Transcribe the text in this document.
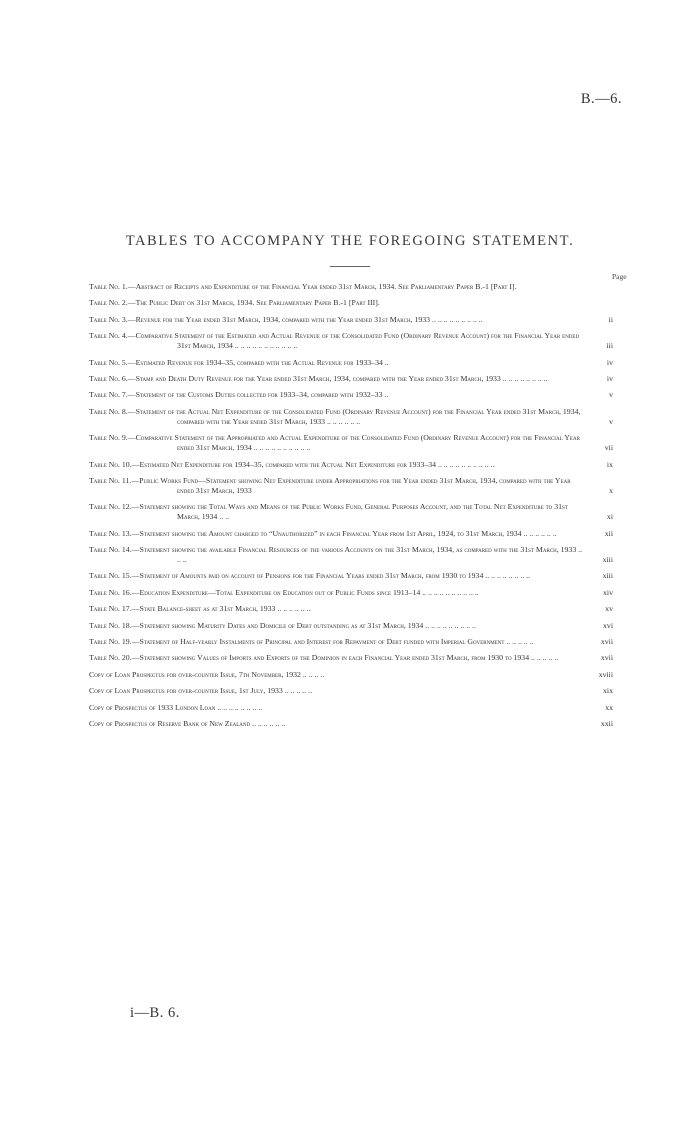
B.—6.
TABLES TO ACCOMPANY THE FOREGOING STATEMENT.
Page
Table No. 1.—Abstract of Receipts and Expenditure of the Financial Year ended 31st March, 1934. See Parliamentary Paper B.-1 [Part I].
Table No. 2.—The Public Debt on 31st March, 1934. See Parliamentary Paper B.-1 [Part III].
Table No. 3.—Revenue for the Year ended 31st March, 1934, compared with the Year ended 31st March, 1933 .. .. .. .. .. .. .. .. ..	ii
Table No. 4.—Comparative Statement of the Estimated and Actual Revenue of the Consolidated Fund (Ordinary Revenue Account) for the Financial Year ended 31st March, 1934 .. .. .. .. .. .. .. .. .. .. ..	iii
Table No. 5.—Estimated Revenue for 1934–35, compared with the Actual Revenue for 1933–34 ..	iv
Table No. 6.—Stamp and Death Duty Revenue for the Year ended 31st March, 1934, compared with the Year ended 31st March, 1933 .. .. .. .. .. .. .. ..	iv
Table No. 7.—Statement of the Customs Duties collected for 1933–34, compared with 1932–33 ..	v
Table No. 8.—Statement of the Actual Net Expenditure of the Consolidated Fund (Ordinary Revenue Account) for the Financial Year ended 31st March, 1934, compared with the Year ended 31st March, 1933 .. .. .. .. .. ..	v
Table No. 9.—Comparative Statement of the Appropriated and Actual Expenditure of the Consolidated Fund (Ordinary Revenue Account) for the Financial Year ended 31st March, 1934 .. .. .. .. .. .. .. .. .. ..	vii
Table No. 10.—Estimated Net Expenditure for 1934–35, compared with the Actual Net Expenditure for 1933–34 .. .. .. .. .. .. .. .. .. ..	ix
Table No. 11.—Public Works Fund—Statement showing Net Expenditure under Appropriations for the Year ended 31st March, 1934, compared with the Year ended 31st March, 1933	x
Table No. 12.—Statement showing the Total Ways and Means of the Public Works Fund, General Purposes Account, and the Total Net Expenditure to 31st March, 1934 .. ..	xi
Table No. 13.—Statement showing the Amount charged to “Unauthorized” in each Financial Year from 1st April, 1924, to 31st March, 1934 .. .. .. .. .. ..	xii
Table No. 14.—Statement showing the available Financial Resources of the various Accounts on the 31st March, 1934, as compared with the 31st March, 1933 .. .. ..	xiii
Table No. 15.—Statement of Amounts paid on account of Pensions for the Financial Years ended 31st March, from 1930 to 1934 .. .. .. .. .. .. .. ..	xiii
Table No. 16.—Education Expenditure—Total Expenditure on Education out of Public Funds since 1913–14 .. .. .. .. .. .. .. .. .. ..	xiv
Table No. 17.—State Balance-sheet as at 31st March, 1933 .. .. .. .. .. ..	xv
Table No. 18.—Statement showing Maturity Dates and Domicile of Debt outstanding as at 31st March, 1934 .. .. .. .. .. .. .. .. ..	xvi
Table No. 19.—Statement of Half-yearly Instalments of Principal and Interest for Repayment of Debt funded with Imperial Government .. .. .. .. ..	xvii
Table No. 20.—Statement showing Values of Imports and Exports of the Dominion in each Financial Year ended 31st March, from 1930 to 1934 .. .. .. .. ..	xvii
Copy of Loan Prospectus for over-counter Issue, 7th November, 1932 .. .. .. ..	xviii
Copy of Loan Prospectus for over-counter Issue, 1st July, 1933 .. .. .. .. ..	xix
Copy of Prospectus of 1933 London Loan .. .. .. .. .. .. .. ..	xx
Copy of Prospectus of Reserve Bank of New Zealand .. .. .. .. .. ..	xxii
i—B. 6.
